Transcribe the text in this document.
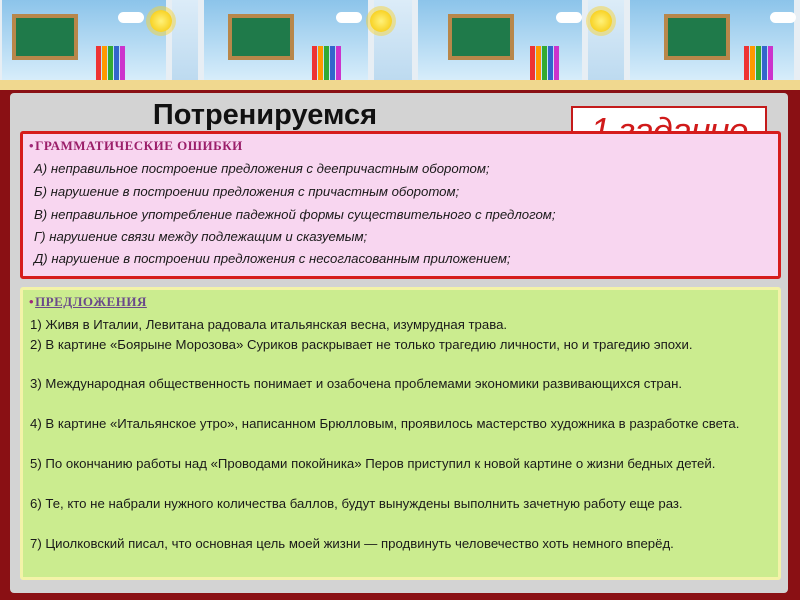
Потренируемся
•ГРАММАТИЧЕСКИЕ ОШИБКИ
А) неправильное построение предложения с деепричастным оборотом;
Б) нарушение в построении предложения с причастным оборотом;
В) неправильное употребление падежной формы существительного с предлогом;
Г) нарушение связи между подлежащим и сказуемым;
Д) нарушение в построении предложения с несогласованным приложением;
•ПРЕДЛОЖЕНИЯ
1) Живя в Италии, Левитана радовала итальянская весна, изумрудная трава.
2) В картине «Боярыне Морозова» Суриков раскрывает не только трагедию личности, но и трагедию эпохи.
3) Международная общественность понимает и озабочена проблемами экономики развивающихся стран.
4) В картине «Итальянское утро», написанном Брюлловым, проявилось мастерство художника в разработке света.
5) По окончанию работы над «Проводами покойника» Перов приступил к новой картине о жизни бедных детей.
6) Те, кто не набрали нужного количества баллов, будут вынуждены выполнить зачетную работу еще раз.
7) Циолковский писал, что основная цель моей жизни — продвинуть человечество хоть немного вперёд.
